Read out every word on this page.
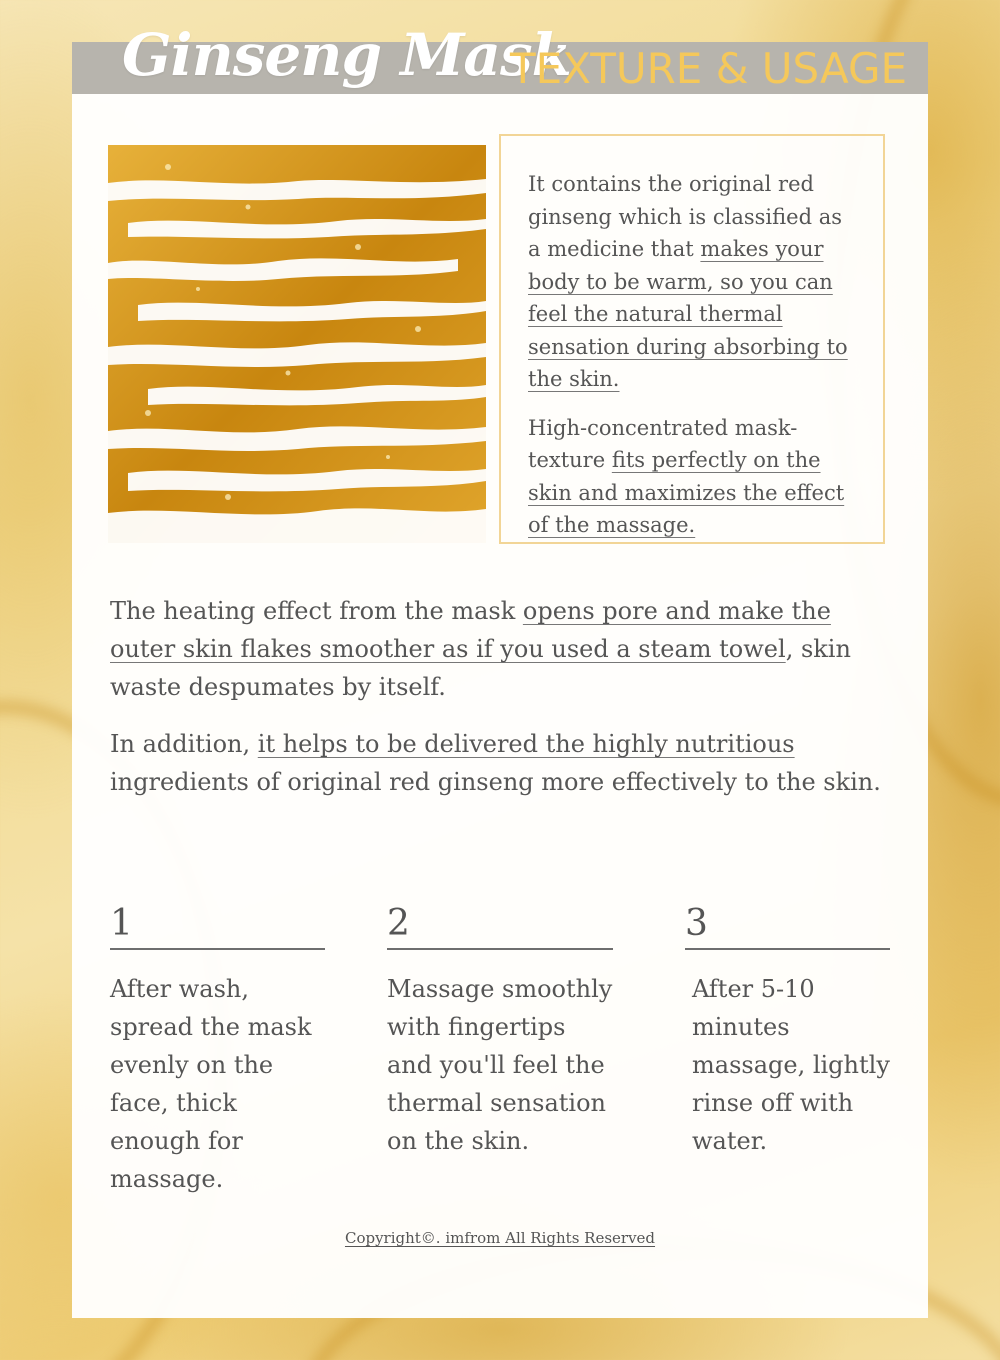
Ginseng Mask
TEXTURE & USAGE

It contains the original red ginseng which is classified as a medicine that makes your body to be warm, so you can feel the natural thermal sensation during absorbing to the skin.

High-concentrated mask-texture fits perfectly on the skin and maximizes the effect of the massage.

The heating effect from the mask opens pore and make the outer skin flakes smoother as if you used a steam towel, skin waste despumates by itself.

In addition, it helps to be delivered the highly nutritious ingredients of original red ginseng more effectively to the skin.

1
After wash, spread the mask evenly on the face, thick enough for massage.
2
Massage smoothly with fingertips and you'll feel the thermal sensation on the skin.
3
After 5-10 minutes massage, lightly rinse off with water.
Copyright©. imfrom All Rights Reserved
